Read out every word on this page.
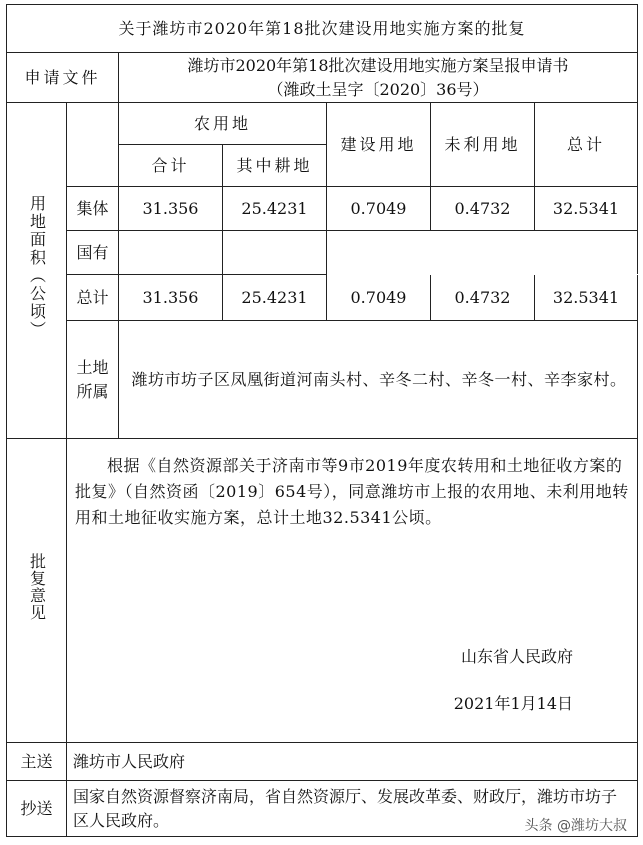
关于潍坊市2020年第18批次建设用地实施方案的批复						
申请文件		潍坊市2020年第18批次建设用地实施方案呈报申请书
（潍政土呈字〔2020〕36号）				

用地面积（公顷）		农用地		建设用地	未利用地	总计
		合计	其中耕地			
	集体	31.356	25.4231	0.7049	0.4732	32.5341
	国有					
	总计	31.356	25.4231	0.7049	0.4732	32.5341

	土地
所属	潍坊市坊子区凤凰街道河南头村、辛冬二村、辛冬一村、辛李家村。				
批复意见	根据《自然资源部关于济南市等9市2019年度农转用和土地征收方案的批复》（自然资函〔2019〕654号），同意潍坊市上报的农用地、未利用地转用和土地征收实施方案，总计土地32.5341公顷。
山东省人民政府
2021年1月14日					

主送	潍坊市人民政府					
抄送	国家自然资源督察济南局，省自然资源厅、发展改革委、财政厅，潍坊市坊子区人民政府。						头条 @潍坊大叔
